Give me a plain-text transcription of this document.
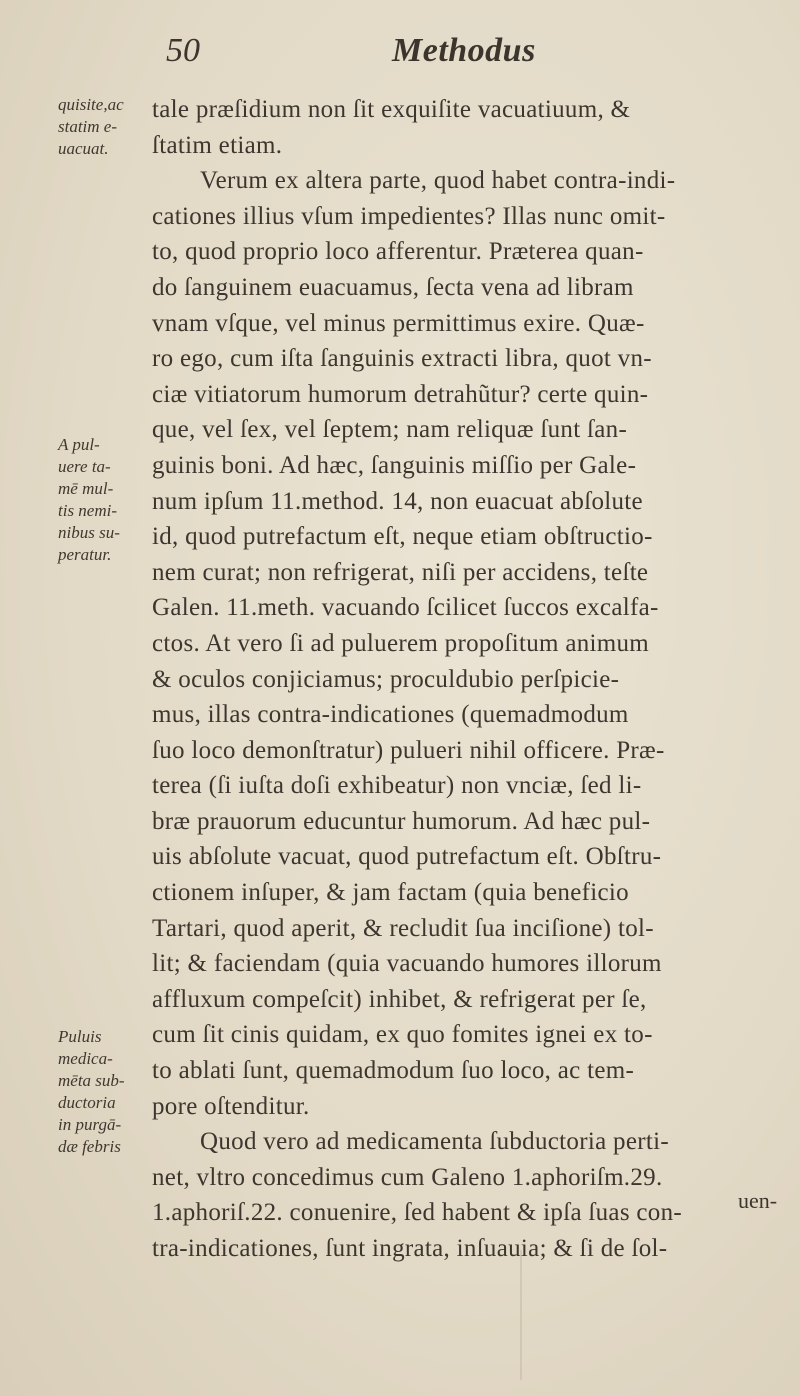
50	Methodus
quisite,ac
statim e-
uacuat.
A pul-
uere ta-
mē mul-
tis nemi-
nibus su-
peratur.
Puluis
medica-
mēta sub-
ductoria
in purgā-
dæ febris
tale præſidium non ſit exquiſite vacuatiuum, &
ſtatim etiam.
Verum ex altera parte, quod habet contra-indi-
cationes illius vſum impedientes? Illas nunc omit-
to, quod proprio loco afferentur. Præterea quan-
do ſanguinem euacuamus, ſecta vena ad libram
vnam vſque, vel minus permittimus exire. Quæ-
ro ego, cum iſta ſanguinis extracti libra, quot vn-
ciæ vitiatorum humorum detrahũtur? certe quin-
que, vel ſex, vel ſeptem; nam reliquæ ſunt ſan-
guinis boni. Ad hæc, ſanguinis miſſio per Gale-
num ipſum 11.method. 14, non euacuat abſolute
id, quod putrefactum eſt, neque etiam obſtructio-
nem curat; non refrigerat, niſi per accidens, teſte
Galen. 11.meth. vacuando ſcilicet ſuccos excalfa-
ctos. At vero ſi ad puluerem propoſitum animum
& oculos conjiciamus; proculdubio perſpicie-
mus, illas contra-indicationes (quemadmodum
ſuo loco demonſtratur) pulueri nihil officere. Præ-
terea (ſi iuſta doſi exhibeatur) non vnciæ, ſed li-
bræ prauorum educuntur humorum. Ad hæc pul-
uis abſolute vacuat, quod putrefactum eſt. Obſtru-
ctionem inſuper, & jam factam (quia beneficio
Tartari, quod aperit, & recludit ſua inciſione) tol-
lit; & faciendam (quia vacuando humores illorum
affluxum compeſcit) inhibet, & refrigerat per ſe,
cum ſit cinis quidam, ex quo fomites ignei ex to-
to ablati ſunt, quemadmodum ſuo loco, ac tem-
pore oſtenditur.
Quod vero ad medicamenta ſubductoria perti-
net, vltro concedimus cum Galeno 1.aphoriſm.29.
1.aphoriſ.22. conuenire, ſed habent & ipſa ſuas con-
tra-indicationes, ſunt ingrata, inſuauia; & ſi de ſol-
uen-
